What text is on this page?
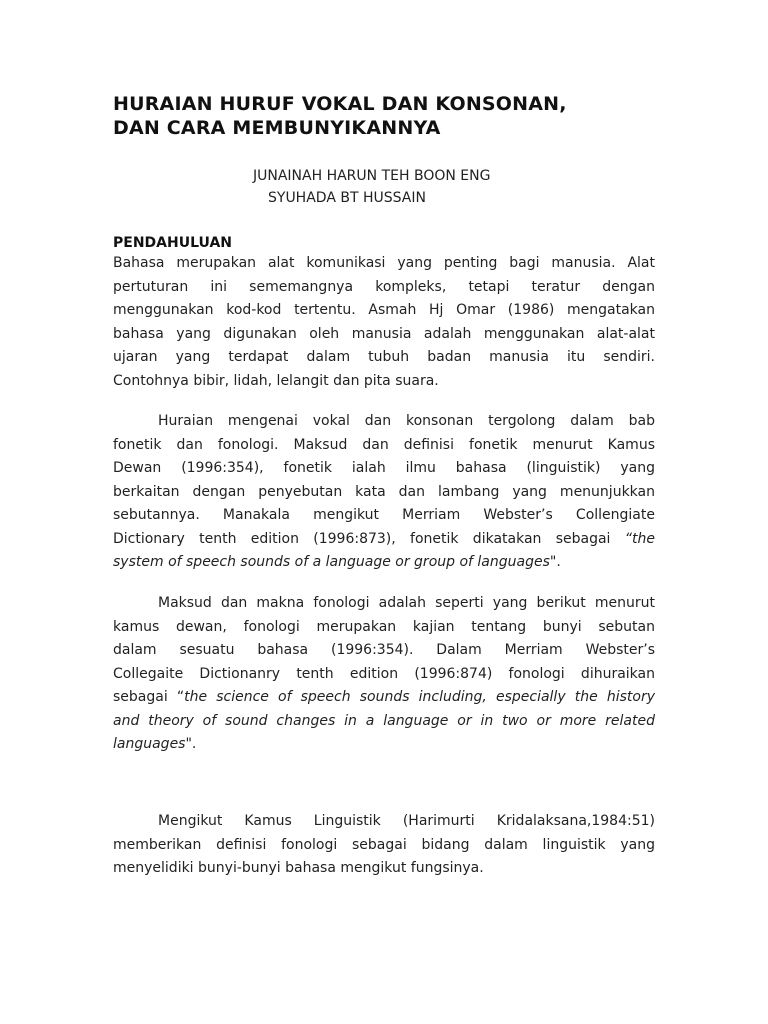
HURAIAN HURUF VOKAL DAN KONSONAN,
DAN CARA MEMBUNYIKANNYA
JUNAINAH HARUN TEH BOON ENG
SYUHADA BT HUSSAIN
PENDAHULUAN
Bahasa merupakan alat komunikasi yang penting bagi manusia. Alat
pertuturan ini sememangnya kompleks, tetapi teratur dengan
menggunakan kod-kod tertentu. Asmah Hj Omar (1986) mengatakan
bahasa yang digunakan oleh manusia adalah menggunakan alat-alat
ujaran yang terdapat dalam tubuh badan manusia itu sendiri.
Contohnya bibir, lidah, lelangit dan pita suara.
Huraian mengenai vokal dan konsonan tergolong dalam bab
fonetik dan fonologi. Maksud dan definisi fonetik menurut Kamus
Dewan (1996:354), fonetik ialah ilmu bahasa (linguistik) yang
berkaitan dengan penyebutan kata dan lambang yang menunjukkan
sebutannya. Manakala mengikut Merriam Webster’s Collengiate
Dictionary tenth edition (1996:873), fonetik dikatakan sebagai “the
system of speech sounds of a language or group of languages".
Maksud dan makna fonologi adalah seperti yang berikut menurut
kamus dewan, fonologi merupakan kajian tentang bunyi sebutan
dalam sesuatu bahasa (1996:354). Dalam Merriam Webster’s
Collegaite Dictionanry tenth edition (1996:874) fonologi dihuraikan
sebagai “the science of speech sounds including, especially the history
and theory of sound changes in a language or in two or more related
languages".
Mengikut Kamus Linguistik (Harimurti Kridalaksana,1984:51)
memberikan definisi fonologi sebagai bidang dalam linguistik yang
menyelidiki bunyi-bunyi bahasa mengikut fungsinya.
